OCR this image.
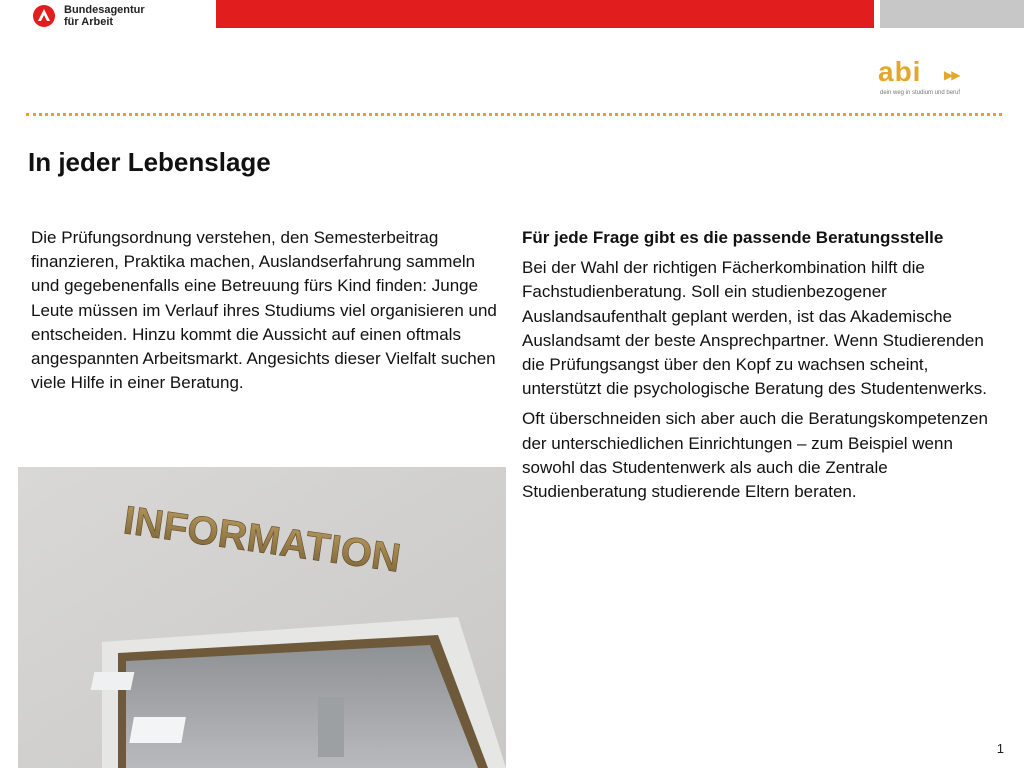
Bundesagentur
für Arbeit
abi ▶▶
dein weg in studium und beruf
In jeder Lebenslage
Die Prüfungsordnung verstehen, den Semesterbeitrag finanzieren, Praktika machen, Auslandserfahrung sammeln und gegebenenfalls eine Betreuung fürs Kind finden: Junge Leute müssen im Verlauf ihres Studiums viel organisieren und entscheiden. Hinzu kommt die Aussicht auf einen oftmals angespannten Arbeitsmarkt. Angesichts dieser Vielfalt suchen viele Hilfe in einer Beratung.

Für jede Frage gibt es die passende Beratungsstelle

Bei der Wahl der richtigen Fächerkombination hilft die Fachstudienberatung. Soll ein studienbezogener Auslandsaufenthalt geplant werden, ist das Akademische Auslandsamt der beste Ansprechpartner. Wenn Studierenden die Prüfungsangst über den Kopf zu wachsen scheint, unterstützt die psychologische Beratung des Studentenwerks.

Oft überschneiden sich aber auch die Beratungskompetenzen der unterschiedlichen Einrichtungen – zum Beispiel wenn sowohl das Studentenwerk als auch die Zentrale Studienberatung studierende Eltern beraten.

INFORMATION
1
